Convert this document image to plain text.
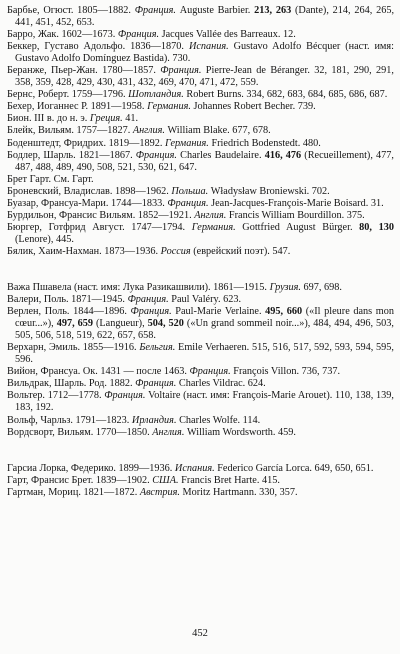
Барбье, Огюст. 1805—1882. Франция. Auguste Barbier. 213, 263 (Dante), 214, 264, 265, 441, 451, 452, 653.

Барро, Жак. 1602—1673. Франция. Jacques Vallée des Barreaux. 12.

Беккер, Густаво Адольфо. 1836—1870. Испания. Gustavo Adolfo Bécquer (наст. имя: Gustavo Adolfo Domínguez Bastida). 730.

Беранже, Пьер-Жан. 1780—1857. Франция. Pierre-Jean de Béranger. 32, 181, 290, 291, 358, 359, 428, 429, 430, 431, 432, 469, 470, 471, 472, 559.

Бернс, Роберт. 1759—1796. Шотландия. Robert Burns. 334, 682, 683, 684, 685, 686, 687.

Бехер, Иоганнес Р. 1891—1958. Германия. Johannes Robert Becher. 739.

Бион. III в. до н. э. Греция. 41.

Блейк, Вильям. 1757—1827. Англия. William Blake. 677, 678.

Боденштедт, Фридрих. 1819—1892. Германия. Friedrich Bodenstedt. 480.

Бодлер, Шарль. 1821—1867. Франция. Charles Baudelaire. 416, 476 (Recueillement), 477, 487, 488, 489, 490, 508, 521, 530, 621, 647.

Брет Гарт. См. Гарт.

Броневский, Владислав. 1898—1962. Польша. Władysław Broniewski. 702.

Буазар, Франсуа-Мари. 1744—1833. Франция. Jean-Jacques-François-Marie Boisard. 31.

Бурдильон, Франсис Вильям. 1852—1921. Англия. Francis William Bourdillon. 375.

Бюргер, Готфрид Август. 1747—1794. Германия. Gottfried August Bürger. 80, 130 (Lenore), 445.

Бялик, Хаим-Нахман. 1873—1936. Россия (еврейский поэт). 547.

Важа Пшавела (наст. имя: Лука Разикашвили). 1861—1915. Грузия. 697, 698.

Валери, Поль. 1871—1945. Франция. Paul Valéry. 623.

Верлен, Поль. 1844—1896. Франция. Paul-Marie Verlaine. 495, 660 («Il pleure dans mon cœur...»), 497, 659 (Langueur), 504, 520 («Un grand sommeil noir...»), 484, 494, 496, 503, 505, 506, 518, 519, 622, 657, 658.

Верхарн, Эмиль. 1855—1916. Бельгия. Emile Verhaeren. 515, 516, 517, 592, 593, 594, 595, 596.

Вийон, Франсуа. Ок. 1431 — после 1463. Франция. François Villon. 736, 737.

Вильдрак, Шарль. Род. 1882. Франция. Charles Vildrac. 624.

Вольтер. 1712—1778. Франция. Voltaire (наст. имя: François-Marie Arouet). 110, 138, 139, 183, 192.

Вольф, Чарльз. 1791—1823. Ирландия. Charles Wolfe. 114.

Вордсворт, Вильям. 1770—1850. Англия. William Wordsworth. 459.

Гарсиа Лорка, Федерико. 1899—1936. Испания. Federico García Lorca. 649, 650, 651.

Гарт, Франсис Брет. 1839—1902. США. Francis Bret Harte. 415.

Гартман, Мориц. 1821—1872. Австрия. Moritz Hartmann. 330, 357.

452
